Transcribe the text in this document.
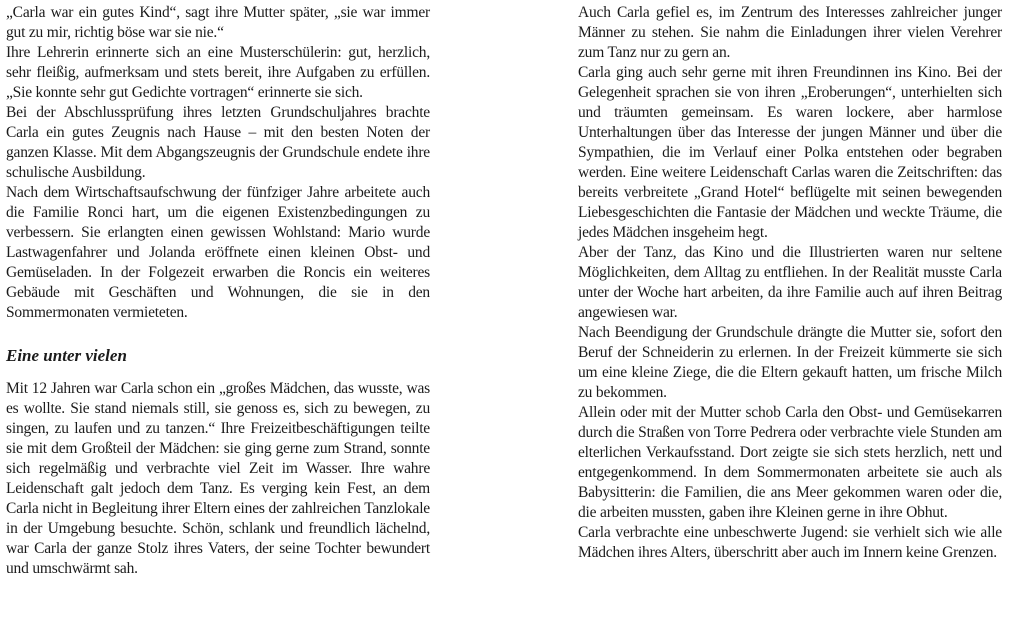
„Carla war ein gutes Kind“, sagt ihre Mutter später, „sie war immer gut zu mir, richtig böse war sie nie.“

Ihre Lehrerin erinnerte sich an eine Musterschülerin: gut, herzlich, sehr fleißig, aufmerksam und stets bereit, ihre Aufgaben zu erfüllen. „Sie konnte sehr gut Gedichte vortragen“ erinnerte sie sich.

Bei der Abschlussprüfung ihres letzten Grundschuljahres brachte Carla ein gutes Zeugnis nach Hause – mit den besten Noten der ganzen Klasse. Mit dem Abgangszeugnis der Grundschule endete ihre schulische Ausbildung.

Nach dem Wirtschaftsaufschwung der fünfziger Jahre arbeitete auch die Familie Ronci hart, um die eigenen Existenzbedingungen zu verbessern. Sie erlangten einen gewissen Wohlstand: Mario wurde Lastwagenfahrer und Jolanda eröffnete einen kleinen Obst- und Gemüseladen. In der Folgezeit erwarben die Roncis ein weiteres Gebäude mit Geschäften und Wohnungen, die sie in den Sommermonaten vermieteten.

Eine unter vielen

Mit 12 Jahren war Carla schon ein „großes Mädchen, das wusste, was es wollte. Sie stand niemals still, sie genoss es, sich zu bewegen, zu singen, zu laufen und zu tanzen.“ Ihre Freizeitbeschäftigungen teilte sie mit dem Großteil der Mädchen: sie ging gerne zum Strand, sonnte sich regelmäßig und verbrachte viel Zeit im Wasser. Ihre wahre Leidenschaft galt jedoch dem Tanz. Es verging kein Fest, an dem Carla nicht in Begleitung ihrer Eltern eines der zahlreichen Tanzlokale in der Umgebung besuchte. Schön, schlank und freundlich lächelnd, war Carla der ganze Stolz ihres Vaters, der seine Tochter bewundert und umschwärmt sah.

Auch Carla gefiel es, im Zentrum des Interesses zahlreicher junger Männer zu stehen. Sie nahm die Einladungen ihrer vielen Verehrer zum Tanz nur zu gern an.

Carla ging auch sehr gerne mit ihren Freundinnen ins Kino. Bei der Gelegenheit sprachen sie von ihren „Eroberungen“, unterhielten sich und träumten gemeinsam. Es waren lockere, aber harmlose Unterhaltungen über das Interesse der jungen Männer und über die Sympathien, die im Verlauf einer Polka entstehen oder begraben werden. Eine weitere Leidenschaft Carlas waren die Zeitschriften: das bereits verbreitete „Grand Hotel“ beflügelte mit seinen bewegenden Liebesgeschichten die Fantasie der Mädchen und weckte Träume, die jedes Mädchen insgeheim hegt.

Aber der Tanz, das Kino und die Illustrierten waren nur seltene Möglichkeiten, dem Alltag zu entfliehen. In der Realität musste Carla unter der Woche hart arbeiten, da ihre Familie auch auf ihren Beitrag angewiesen war.

Nach Beendigung der Grundschule drängte die Mutter sie, sofort den Beruf der Schneiderin zu erlernen. In der Freizeit kümmerte sie sich um eine kleine Ziege, die die Eltern gekauft hatten, um frische Milch zu bekommen.

Allein oder mit der Mutter schob Carla den Obst- und Gemüsekarren durch die Straßen von Torre Pedrera oder verbrachte viele Stunden am elterlichen Verkaufsstand. Dort zeigte sie sich stets herzlich, nett und entgegenkommend. In dem Sommermonaten arbeitete sie auch als Babysitterin: die Familien, die ans Meer gekommen waren oder die, die arbeiten mussten, gaben ihre Kleinen gerne in ihre Obhut.

Carla verbrachte eine unbeschwerte Jugend: sie verhielt sich wie alle Mädchen ihres Alters, überschritt aber auch im Innern keine Grenzen.
